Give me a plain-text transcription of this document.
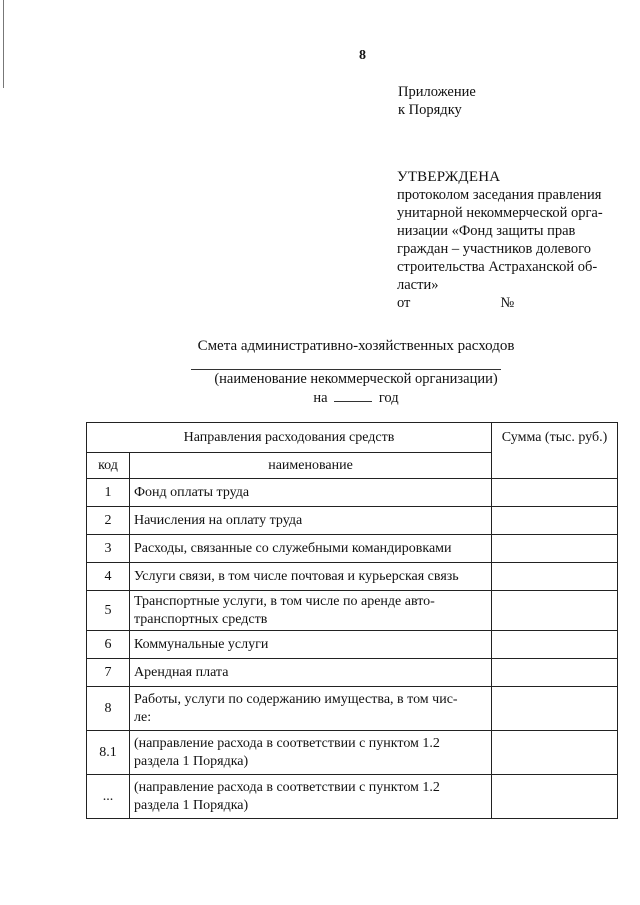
8
Приложение
к Порядку
УТВЕРЖДЕНА
протоколом заседания правления
унитарной некоммерческой орга-
низации «Фонд защиты прав
граждан – участников долевого
строительства Астраханской об-
ласти»
от	№
Смета административно-хозяйственных расходов
(наименование некоммерческой организации)
на	год
Направления расходования средств		Сумма (тыс. руб.)
код	наименование	
1	Фонд оплаты труда	

2	Начисления на оплату труда	

3	Расходы, связанные со служебными командировками	

4	Услуги связи, в том числе почтовая и курьерская связь	

5	Транспортные услуги, в том числе по аренде авто-
транспортных средств	

6	Коммунальные услуги	

7	Арендная плата	

8	Работы, услуги по содержанию имущества, в том чис-
ле:	

8.1	(направление расхода в соответствии с пунктом 1.2
раздела 1 Порядка)	

...	(направление расхода в соответствии с пунктом 1.2
раздела 1 Порядка)	
